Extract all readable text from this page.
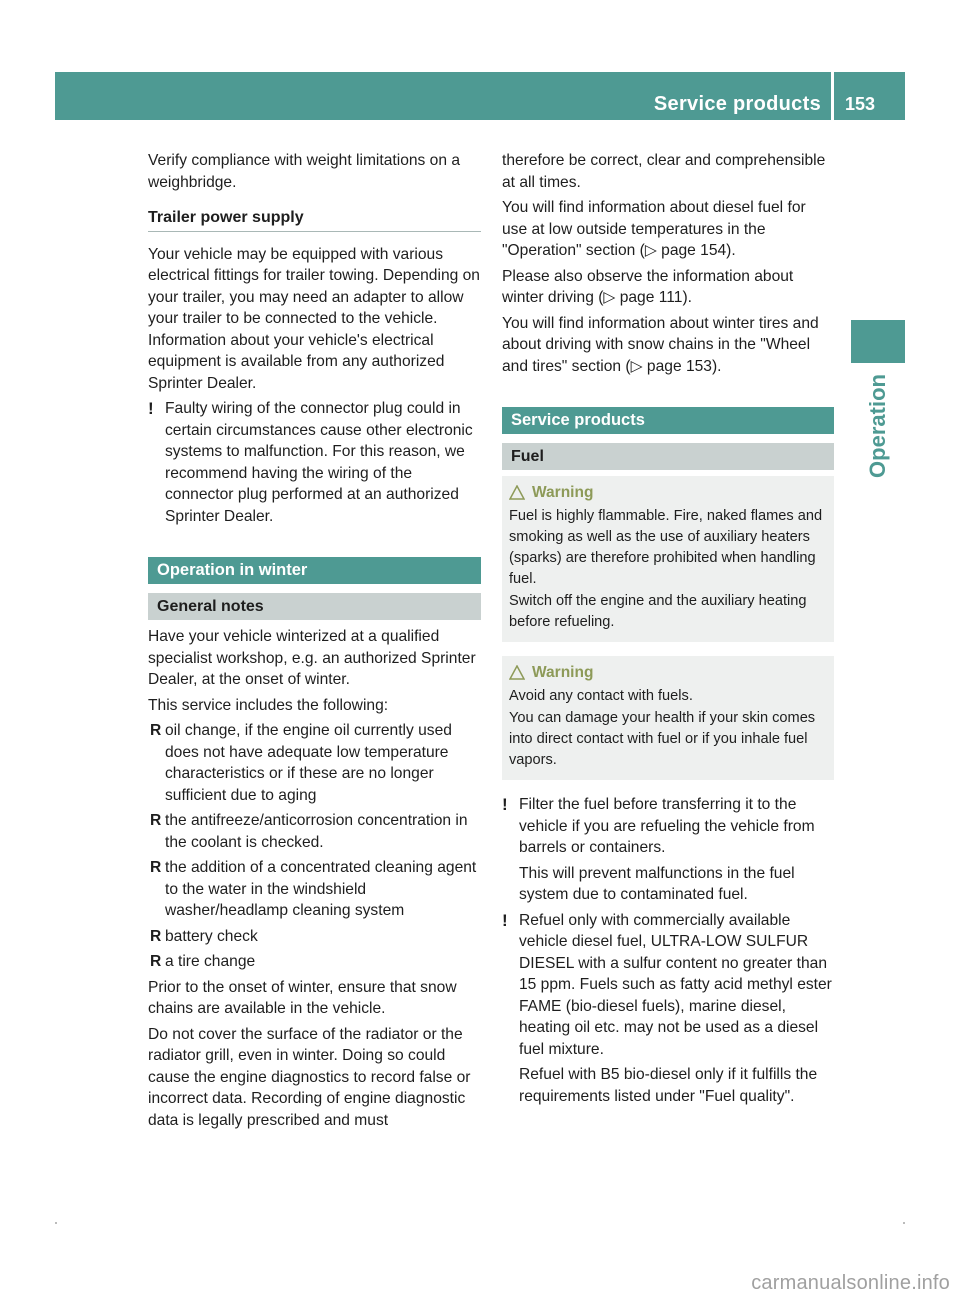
Service products	153
Operation

Verify compliance with weight limitations on a weighbridge.

Trailer power supply

Your vehicle may be equipped with various electrical fittings for trailer towing. Depending on your trailer, you may need an adapter to allow your trailer to be connected to the vehicle. Information about your vehicle's electrical equipment is available from any authorized Sprinter Dealer.

! Faulty wiring of the connector plug could in certain circumstances cause other electronic systems to malfunction. For this reason, we recommend having the wiring of the connector plug performed at an authorized Sprinter Dealer.
Operation in winter
General notes

Have your vehicle winterized at a qualified specialist workshop, e.g. an authorized Sprinter Dealer, at the onset of winter.

This service includes the following:

R oil change, if the engine oil currently used does not have adequate low temperature characteristics or if these are no longer sufficient due to aging
R the antifreeze/anticorrosion concentration in the coolant is checked.
R the addition of a concentrated cleaning agent to the water in the windshield washer/headlamp cleaning system
R battery check
R a tire change

Prior to the onset of winter, ensure that snow chains are available in the vehicle.

Do not cover the surface of the radiator or the radiator grill, even in winter. Doing so could cause the engine diagnostics to record false or incorrect data. Recording of engine diagnostic data is legally prescribed and must

therefore be correct, clear and comprehensible at all times.

You will find information about diesel fuel for use at low outside temperatures in the "Operation" section (▷ page 154).

Please also observe the information about winter driving (▷ page 111).

You will find information about winter tires and about driving with snow chains in the "Wheel and tires" section (▷ page 153).

Service products
Fuel
Warning

Fuel is highly flammable. Fire, naked flames and smoking as well as the use of auxiliary heaters (sparks) are therefore prohibited when handling fuel.

Switch off the engine and the auxiliary heating before refueling.

Warning

Avoid any contact with fuels.

You can damage your health if your skin comes into direct contact with fuel or if you inhale fuel vapors.

! Filter the fuel before transferring it to the vehicle if you are refueling the vehicle from barrels or containers.
This will prevent malfunctions in the fuel system due to contaminated fuel.
! Refuel only with commercially available vehicle diesel fuel, ULTRA-LOW SULFUR DIESEL with a sulfur content no greater than 15 ppm. Fuels such as fatty acid methyl ester FAME (bio-diesel fuels), marine diesel, heating oil etc. may not be used as a diesel fuel mixture.
Refuel with B5 bio-diesel only if it fulfills the requirements listed under "Fuel quality".
carmanualsonline.info
